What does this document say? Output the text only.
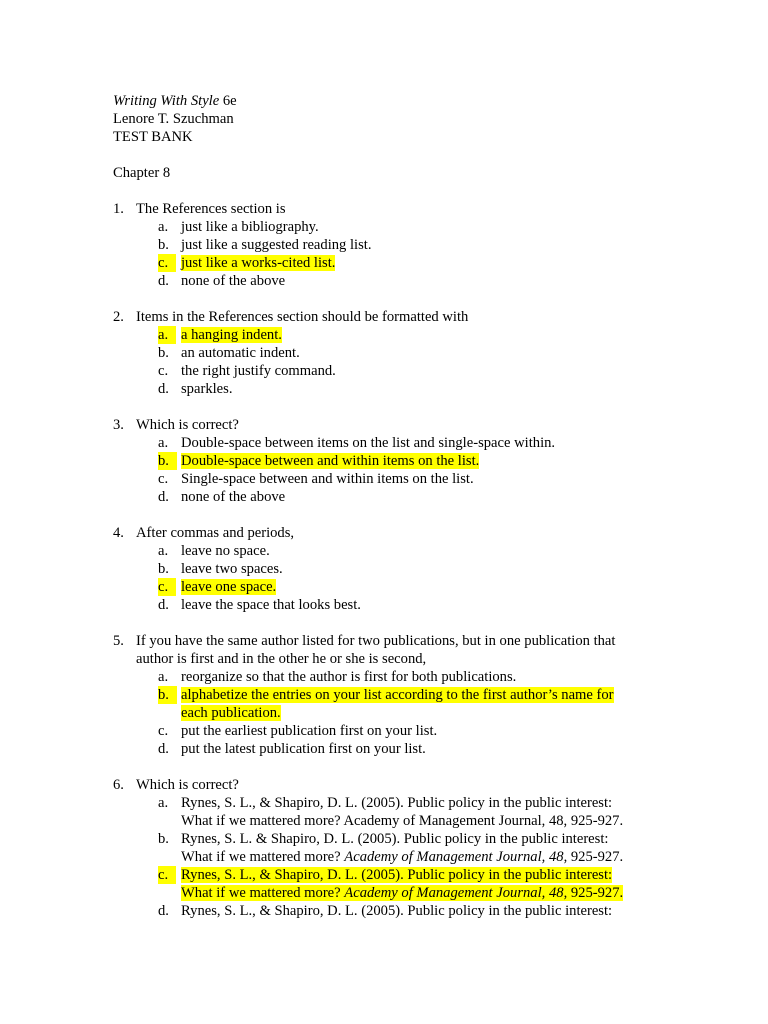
Writing With Style 6e
Lenore T. Szuchman
TEST BANK
Chapter 8
1. The References section is
a. just like a bibliography.
b. just like a suggested reading list.
c. just like a works-cited list.
d. none of the above
2. Items in the References section should be formatted with
a. a hanging indent.
b. an automatic indent.
c. the right justify command.
d. sparkles.
3. Which is correct?
a. Double-space between items on the list and single-space within.
b. Double-space between and within items on the list.
c. Single-space between and within items on the list.
d. none of the above
4. After commas and periods,
a. leave no space.
b. leave two spaces.
c. leave one space.
d. leave the space that looks best.
5. If you have the same author listed for two publications, but in one publication that
author is first and in the other he or she is second,
a. reorganize so that the author is first for both publications.
b. alphabetize the entries on your list according to the first author’s name for
each publication.
c. put the earliest publication first on your list.
d. put the latest publication first on your list.
6. Which is correct?
a. Rynes, S. L., & Shapiro, D. L. (2005). Public policy in the public interest:
What if we mattered more? Academy of Management Journal, 48, 925-927.
b. Rynes, S. L. & Shapiro, D. L. (2005). Public policy in the public interest:
What if we mattered more? Academy of Management Journal, 48, 925-927.
c. Rynes, S. L., & Shapiro, D. L. (2005). Public policy in the public interest:
What if we mattered more? Academy of Management Journal, 48, 925-927.
d. Rynes, S. L., & Shapiro, D. L. (2005). Public policy in the public interest:
